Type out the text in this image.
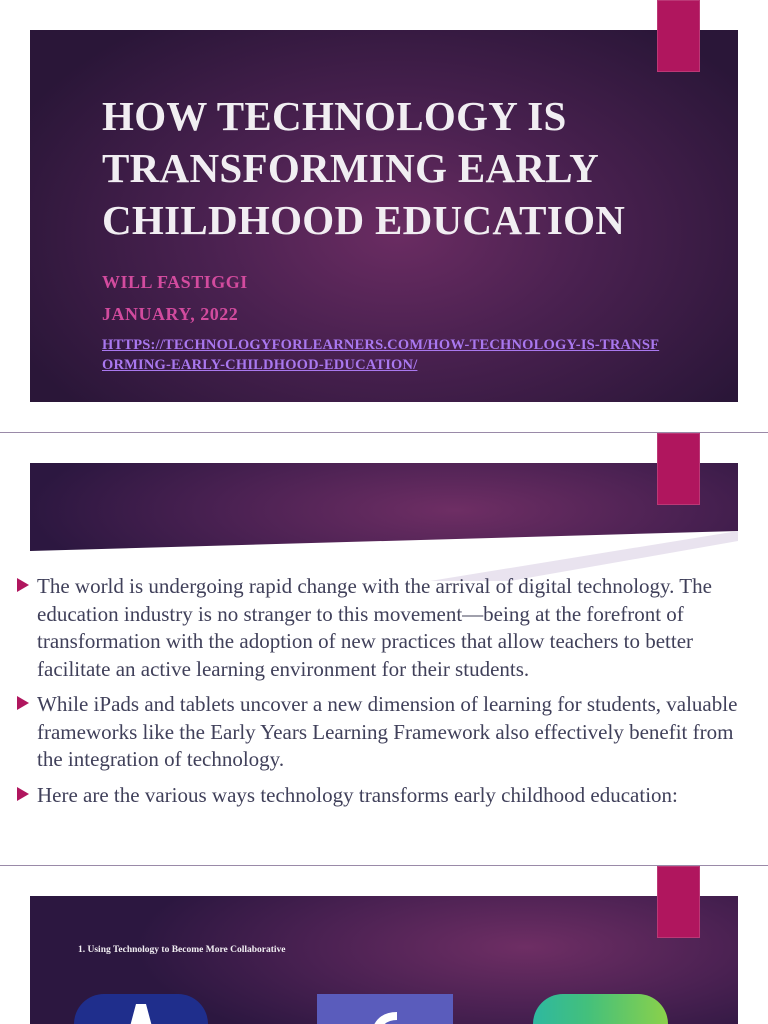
HOW TECHNOLOGY IS TRANSFORMING EARLY CHILDHOOD EDUCATION

WILL FASTIGGI

JANUARY, 2022

HTTPS://TECHNOLOGYFORLEARNERS.COM/HOW-TECHNOLOGY-IS-TRANSFORMING-EARLY-CHILDHOOD-EDUCATION/
The world is undergoing rapid change with the arrival of digital technology. The education industry is no stranger to this movement—being at the forefront of transformation with the adoption of new practices that allow teachers to better facilitate an active learning environment for their students.
While iPads and tablets uncover a new dimension of learning for students, valuable frameworks like the Early Years Learning Framework also effectively benefit from the integration of technology.
Here are the various ways technology transforms early childhood education:

1. Using Technology to Become More Collaborative
